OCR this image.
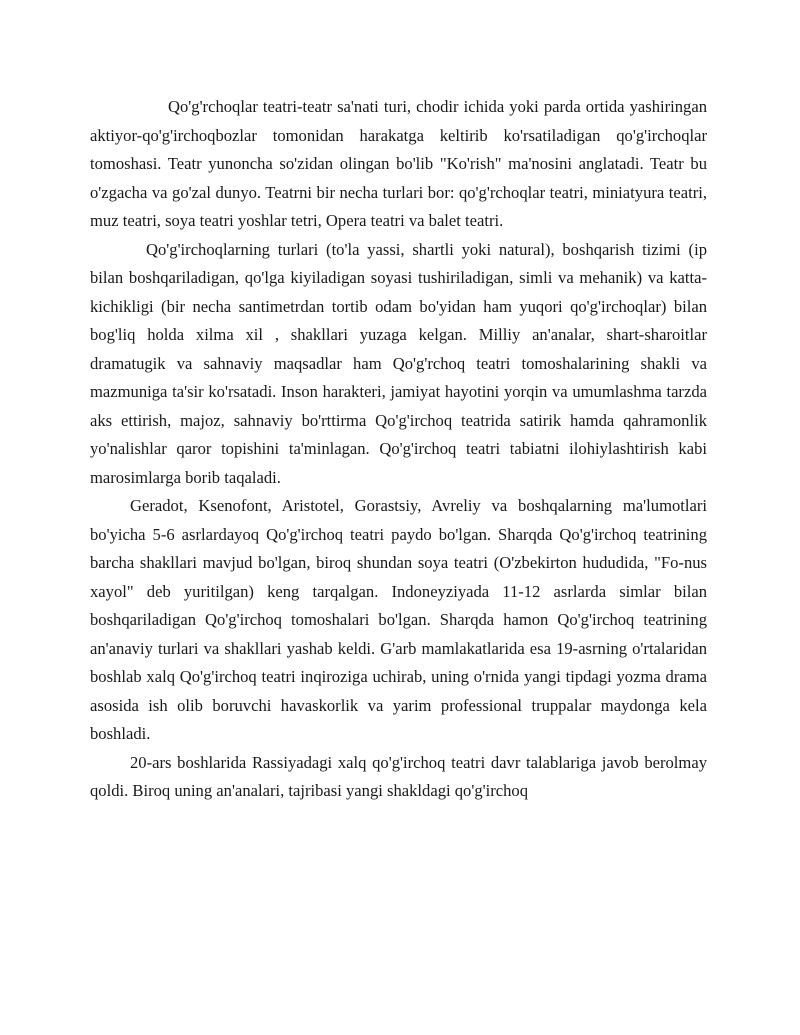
Qo'g'rchoqlar teatri-teatr sa'nati turi, chodir ichida yoki parda ortida yashiringan aktiyor-qo'g'irchoqbozlar tomonidan harakatga keltirib ko'rsatiladigan qo'g'irchoqlar tomoshasi. Teatr yunoncha so'zidan olingan bo'lib "Ko'rish" ma'nosini anglatadi. Teatr bu o'zgacha va go'zal dunyo. Teatrni bir necha turlari bor: qo'g'rchoqlar teatri, miniatyura teatri, muz teatri, soya teatri yoshlar tetri, Opera teatri va balet teatri.

Qo'g'irchoqlarning turlari (to'la yassi, shartli yoki natural), boshqarish tizimi (ip bilan boshqariladigan, qo'lga kiyiladigan soyasi tushiriladigan, simli va mehanik) va katta-kichikligi (bir necha santimetrdan tortib odam bo'yidan ham yuqori qo'g'irchoqlar) bilan bog'liq holda xilma xil , shakllari yuzaga kelgan. Milliy an'analar, shart-sharoitlar dramatugik va sahnaviy maqsadlar ham Qo'g'rchoq teatri tomoshalarining shakli va mazmuniga ta'sir ko'rsatadi. Inson harakteri, jamiyat hayotini yorqin va umumlashma tarzda aks ettirish, majoz, sahnaviy bo'rttirma Qo'g'irchoq teatrida satirik hamda qahramonlik yo'nalishlar qaror topishini ta'minlagan. Qo'g'irchoq teatri tabiatni ilohiylashtirish kabi marosimlarga borib taqaladi.

Geradot, Ksenofont, Aristotel, Gorastsiy, Avreliy va boshqalarning ma'lumotlari bo'yicha 5-6 asrlardayoq Qo'g'irchoq teatri paydo bo'lgan. Sharqda Qo'g'irchoq teatrining barcha shakllari mavjud bo'lgan, biroq shundan soya teatri (O'zbekirton hududida, "Fo-nus xayol" deb yuritilgan) keng tarqalgan. Indoneyziyada 11-12 asrlarda simlar bilan boshqariladigan Qo'g'irchoq tomoshalari bo'lgan. Sharqda hamon Qo'g'irchoq teatrining an'anaviy turlari va shakllari yashab keldi. G'arb mamlakatlarida esa 19-asrning o'rtalaridan boshlab xalq Qo'g'irchoq teatri inqiroziga uchirab, uning o'rnida yangi tipdagi yozma drama asosida ish olib boruvchi havaskorlik va yarim professional truppalar maydonga kela boshladi.

20-ars boshlarida Rassiyadagi xalq qo'g'irchoq teatri davr talablariga javob berolmay qoldi. Biroq uning an'analari, tajribasi yangi shakldagi qo'g'irchoq
